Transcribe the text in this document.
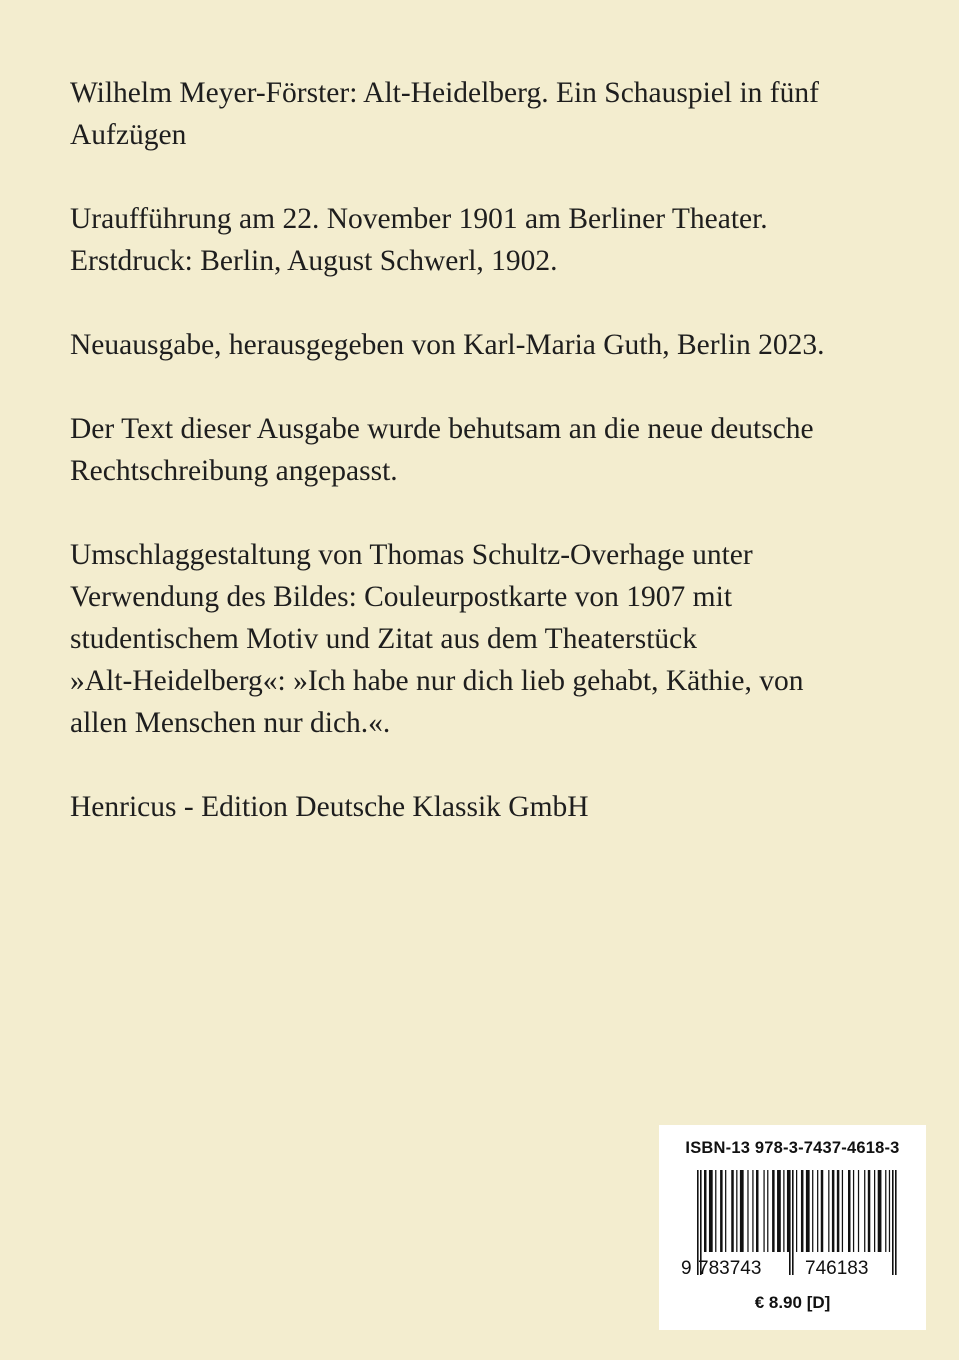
Wilhelm Meyer-Förster: Alt-Heidelberg. Ein Schauspiel in fünf
Aufzügen

Uraufführung am 22. November 1901 am Berliner Theater.
Erstdruck: Berlin, August Schwerl, 1902.

Neuausgabe, herausgegeben von Karl-Maria Guth, Berlin 2023.

Der Text dieser Ausgabe wurde behutsam an die neue deutsche
Rechtschreibung angepasst.

Umschlaggestaltung von Thomas Schultz-Overhage unter
Verwendung des Bildes: Couleurpostkarte von 1907 mit
studentischem Motiv und Zitat aus dem Theaterstück
»Alt-Heidelberg«: »Ich habe nur dich lieb gehabt, Käthie, von
allen Menschen nur dich.«.

Henricus - Edition Deutsche Klassik GmbH

ISBN-13 978-3-7437-4618-3
9 783743 746183
€ 8.90 [D]
